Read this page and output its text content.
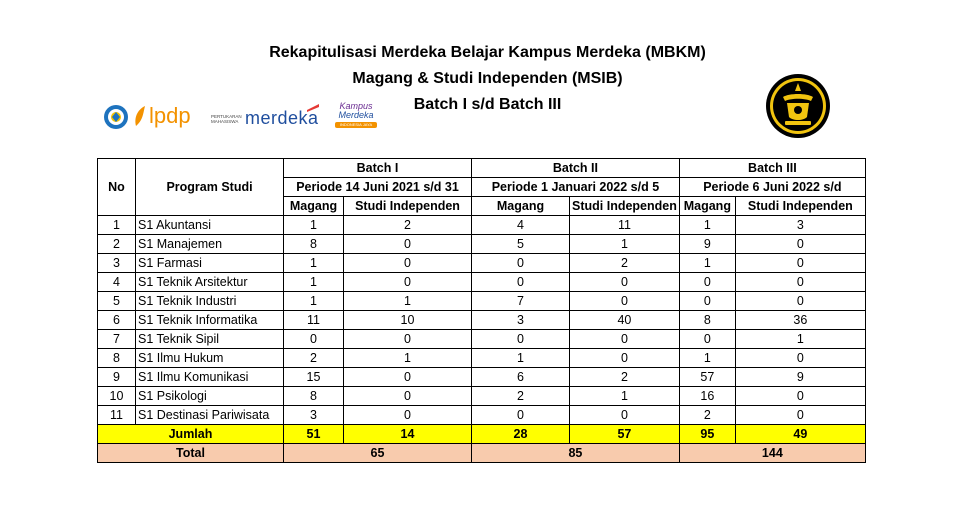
Rekapitulisasi Merdeka Belajar Kampus Merdeka (MBKM)
Magang & Studi Independen (MSIB)
Batch I s/d Batch III
lpdp	PERTUKARAN MAHASISWA merdeka
Kampus
Merdeka
INDONESIA JAYA
No	Program Studi	Batch I		Batch II		Batch III	
		Periode 14 Juni 2021 s/d 31		Periode 1 Januari 2022 s/d 5		Periode 6 Juni 2022 s/d	
		Magang	Studi Independen	Magang	Studi Independen	Magang	Studi Independen
1	S1 Akuntansi	1	2	4	11	1	3
2	S1 Manajemen	8	0	5	1	9	0
3	S1 Farmasi	1	0	0	2	1	0
4	S1 Teknik Arsitektur	1	0	0	0	0	0
5	S1 Teknik Industri	1	1	7	0	0	0
6	S1 Teknik Informatika	11	10	3	40	8	36
7	S1 Teknik Sipil	0	0	0	0	0	1
8	S1 Ilmu Hukum	2	1	1	0	1	0
9	S1 Ilmu Komunikasi	15	0	6	2	57	9
10	S1 Psikologi	8	0	2	1	16	0
11	S1 Destinasi Pariwisata	3	0	0	0	2	0
Jumlah		51	14	28	57	95	49
Total		65		85		144	
